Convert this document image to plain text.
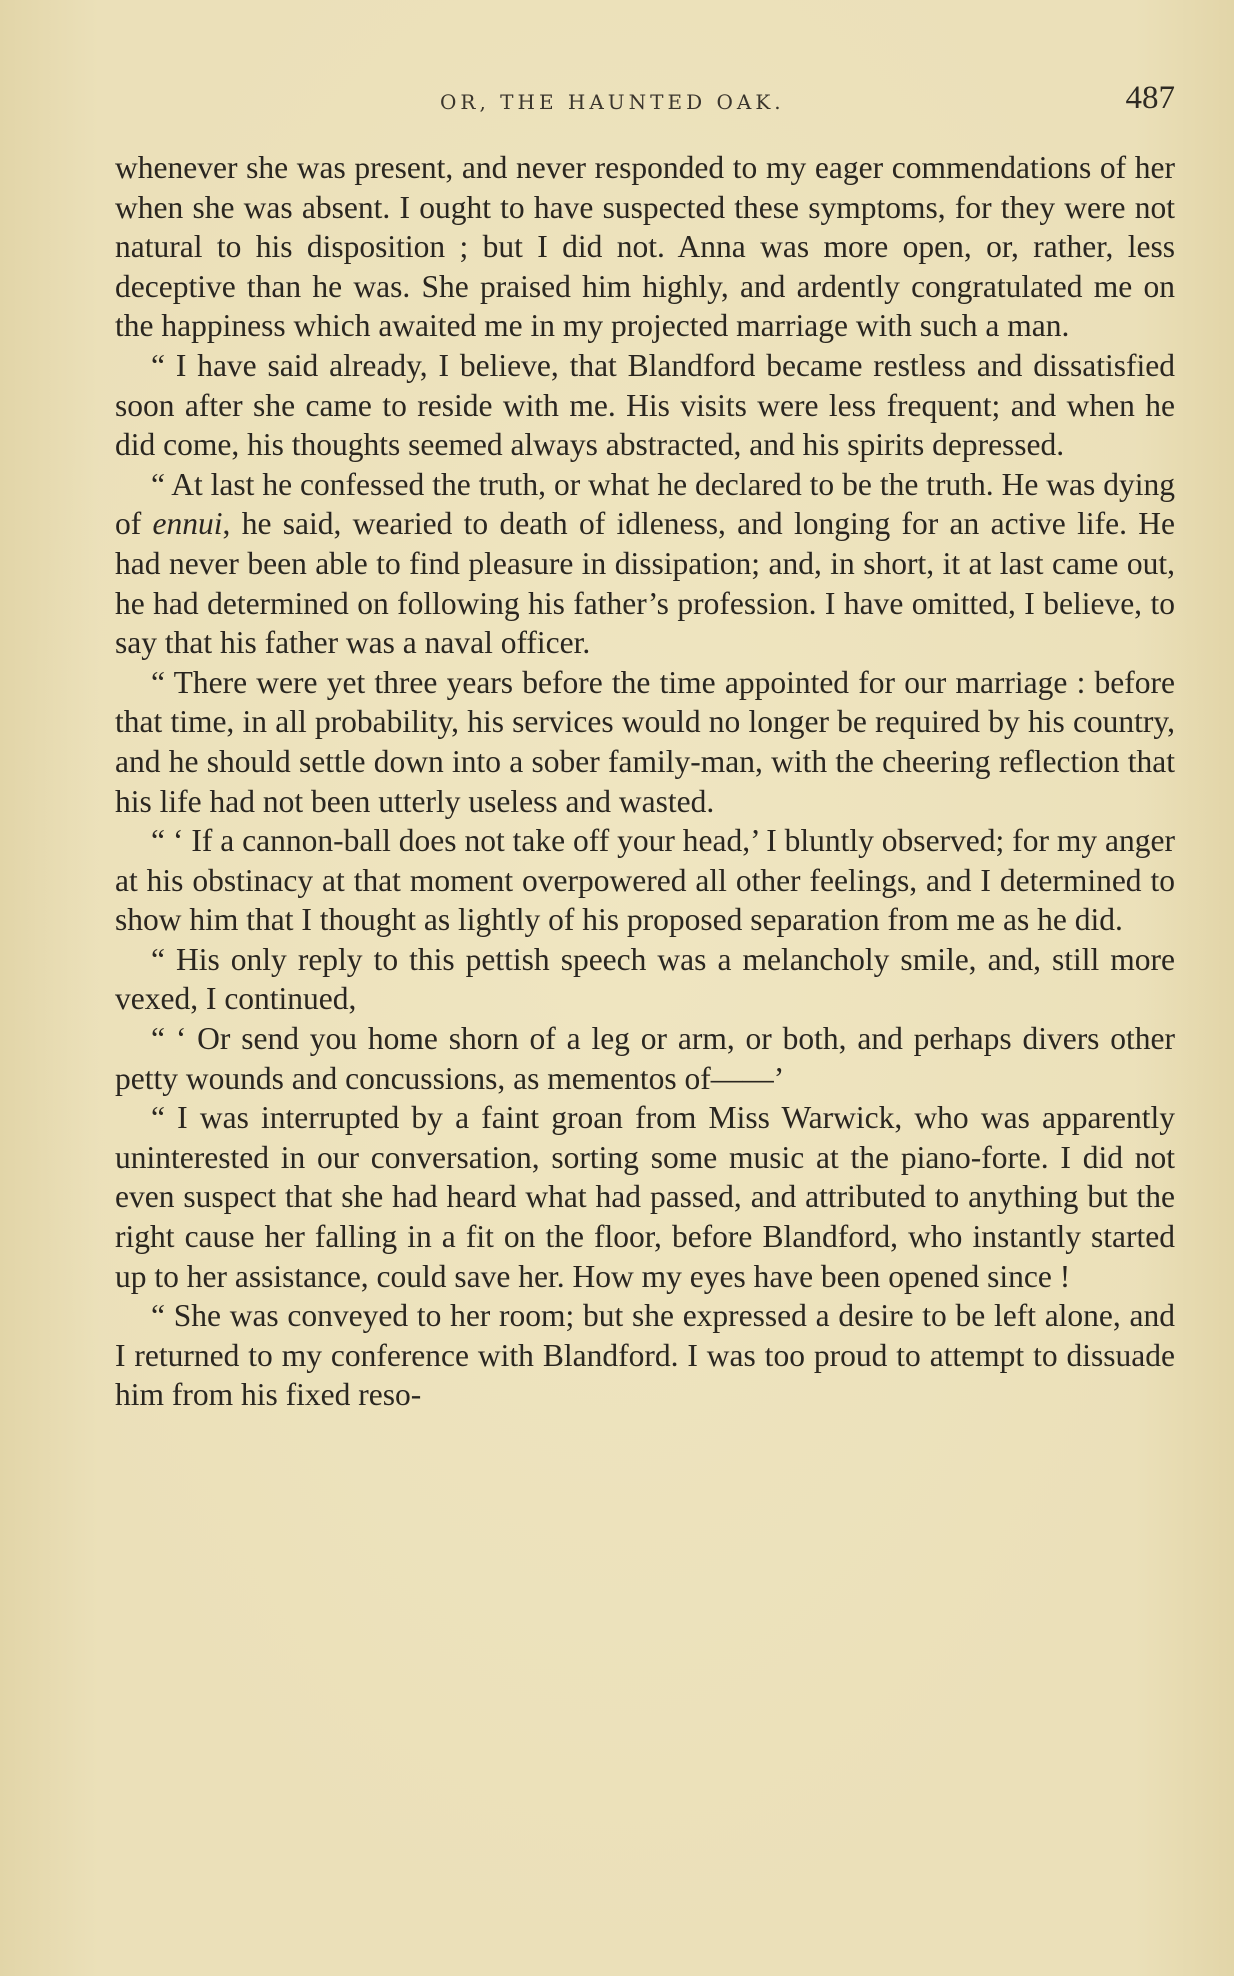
OR, THE HAUNTED OAK.	487

whenever she was present, and never responded to my eager commendations of her when she was absent. I ought to have suspected these symptoms, for they were not natural to his disposition ; but I did not. Anna was more open, or, rather, less deceptive than he was. She praised him highly, and ardently congratulated me on the happiness which awaited me in my projected marriage with such a man.

“ I have said already, I believe, that Blandford became restless and dissatisfied soon after she came to reside with me. His visits were less frequent; and when he did come, his thoughts seemed always abstracted, and his spirits depressed.

“ At last he confessed the truth, or what he declared to be the truth. He was dying of ennui, he said, wearied to death of idleness, and longing for an active life. He had never been able to find pleasure in dissipation; and, in short, it at last came out, he had determined on following his father’s profession. I have omitted, I believe, to say that his father was a naval officer.

“ There were yet three years before the time appointed for our marriage : before that time, in all probability, his services would no longer be required by his country, and he should settle down into a sober family-man, with the cheering reflection that his life had not been utterly useless and wasted.

“ ‘ If a cannon-ball does not take off your head,’ I bluntly observed; for my anger at his obstinacy at that moment overpowered all other feelings, and I determined to show him that I thought as lightly of his proposed separation from me as he did.

“ His only reply to this pettish speech was a melancholy smile, and, still more vexed, I continued,

“ ‘ Or send you home shorn of a leg or arm, or both, and perhaps divers other petty wounds and concussions, as mementos of——’

“ I was interrupted by a faint groan from Miss Warwick, who was apparently uninterested in our conversation, sorting some music at the piano-forte. I did not even suspect that she had heard what had passed, and attributed to anything but the right cause her falling in a fit on the floor, before Blandford, who instantly started up to her assistance, could save her. How my eyes have been opened since !

“ She was conveyed to her room; but she expressed a desire to be left alone, and I returned to my conference with Blandford. I was too proud to attempt to dissuade him from his fixed reso-
